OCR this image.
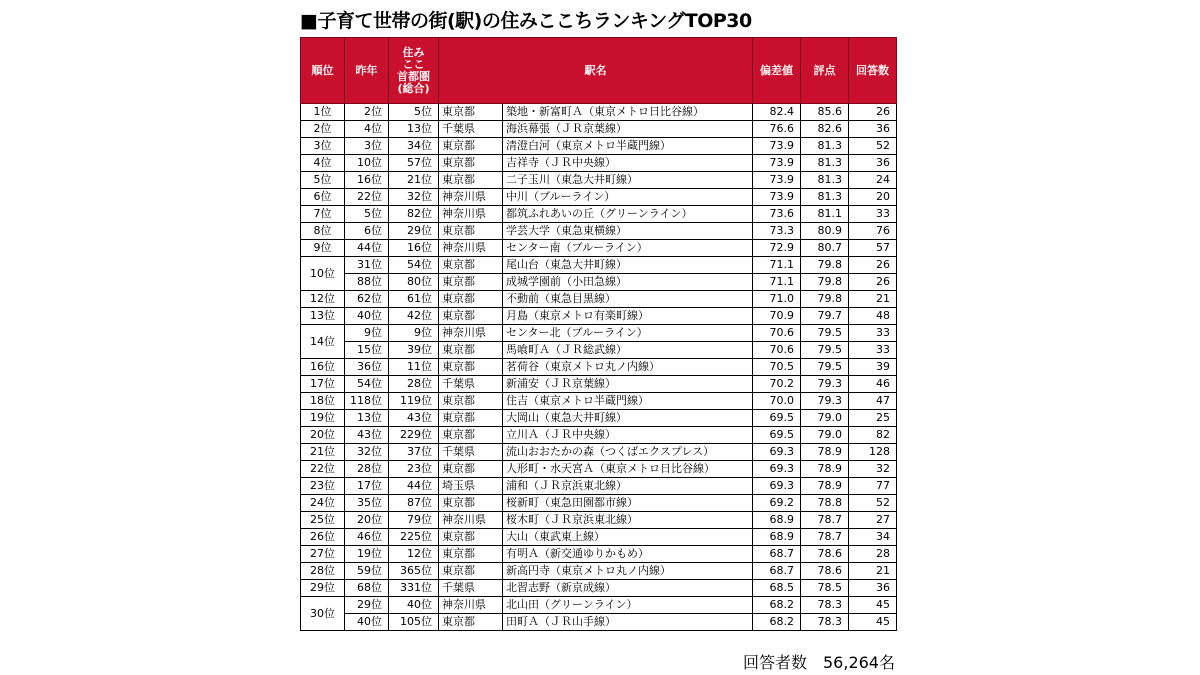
■子育て世帯の街(駅)の住みここちランキングTOP30
順位	昨年	住み
ここ
首都圏
(総合)	駅名		偏差値	評点	回答数
1位	2位	5位	東京都	築地・新富町Ａ（東京メトロ日比谷線）	82.4	85.6	26
2位	4位	13位	千葉県	海浜幕張（ＪＲ京葉線）	76.6	82.6	36
3位	3位	34位	東京都	清澄白河（東京メトロ半蔵門線）	73.9	81.3	52
4位	10位	57位	東京都	吉祥寺（ＪＲ中央線）	73.9	81.3	36
5位	16位	21位	東京都	二子玉川（東急大井町線）	73.9	81.3	24
6位	22位	32位	神奈川県	中川（ブルーライン）	73.9	81.3	20
7位	5位	82位	神奈川県	都筑ふれあいの丘（グリーンライン）	73.6	81.1	33
8位	6位	29位	東京都	学芸大学（東急東横線）	73.3	80.9	76
9位	44位	16位	神奈川県	センター南（ブルーライン）	72.9	80.7	57
10位	31位	54位	東京都	尾山台（東急大井町線）	71.1	79.8	26
	88位	80位	東京都	成城学園前（小田急線）	71.1	79.8	26
12位	62位	61位	東京都	不動前（東急目黒線）	71.0	79.8	21
13位	40位	42位	東京都	月島（東京メトロ有楽町線）	70.9	79.7	48
14位	9位	9位	神奈川県	センター北（ブルーライン）	70.6	79.5	33
	15位	39位	東京都	馬喰町Ａ（ＪＲ総武線）	70.6	79.5	33
16位	36位	11位	東京都	茗荷谷（東京メトロ丸ノ内線）	70.5	79.5	39
17位	54位	28位	千葉県	新浦安（ＪＲ京葉線）	70.2	79.3	46
18位	118位	119位	東京都	住吉（東京メトロ半蔵門線）	70.0	79.3	47
19位	13位	43位	東京都	大岡山（東急大井町線）	69.5	79.0	25
20位	43位	229位	東京都	立川Ａ（ＪＲ中央線）	69.5	79.0	82
21位	32位	37位	千葉県	流山おおたかの森（つくばエクスプレス）	69.3	78.9	128
22位	28位	23位	東京都	人形町・水天宮Ａ（東京メトロ日比谷線）	69.3	78.9	32
23位	17位	44位	埼玉県	浦和（ＪＲ京浜東北線）	69.3	78.9	77
24位	35位	87位	東京都	桜新町（東急田園都市線）	69.2	78.8	52
25位	20位	79位	神奈川県	桜木町（ＪＲ京浜東北線）	68.9	78.7	27
26位	46位	225位	東京都	大山（東武東上線）	68.9	78.7	34
27位	19位	12位	東京都	有明Ａ（新交通ゆりかもめ）	68.7	78.6	28
28位	59位	365位	東京都	新高円寺（東京メトロ丸ノ内線）	68.7	78.6	21
29位	68位	331位	千葉県	北習志野（新京成線）	68.5	78.5	36
30位	29位	40位	神奈川県	北山田（グリーンライン）	68.2	78.3	45
	40位	105位	東京都	田町Ａ（ＪＲ山手線）	68.2	78.3	45
回答者数　56,264名
